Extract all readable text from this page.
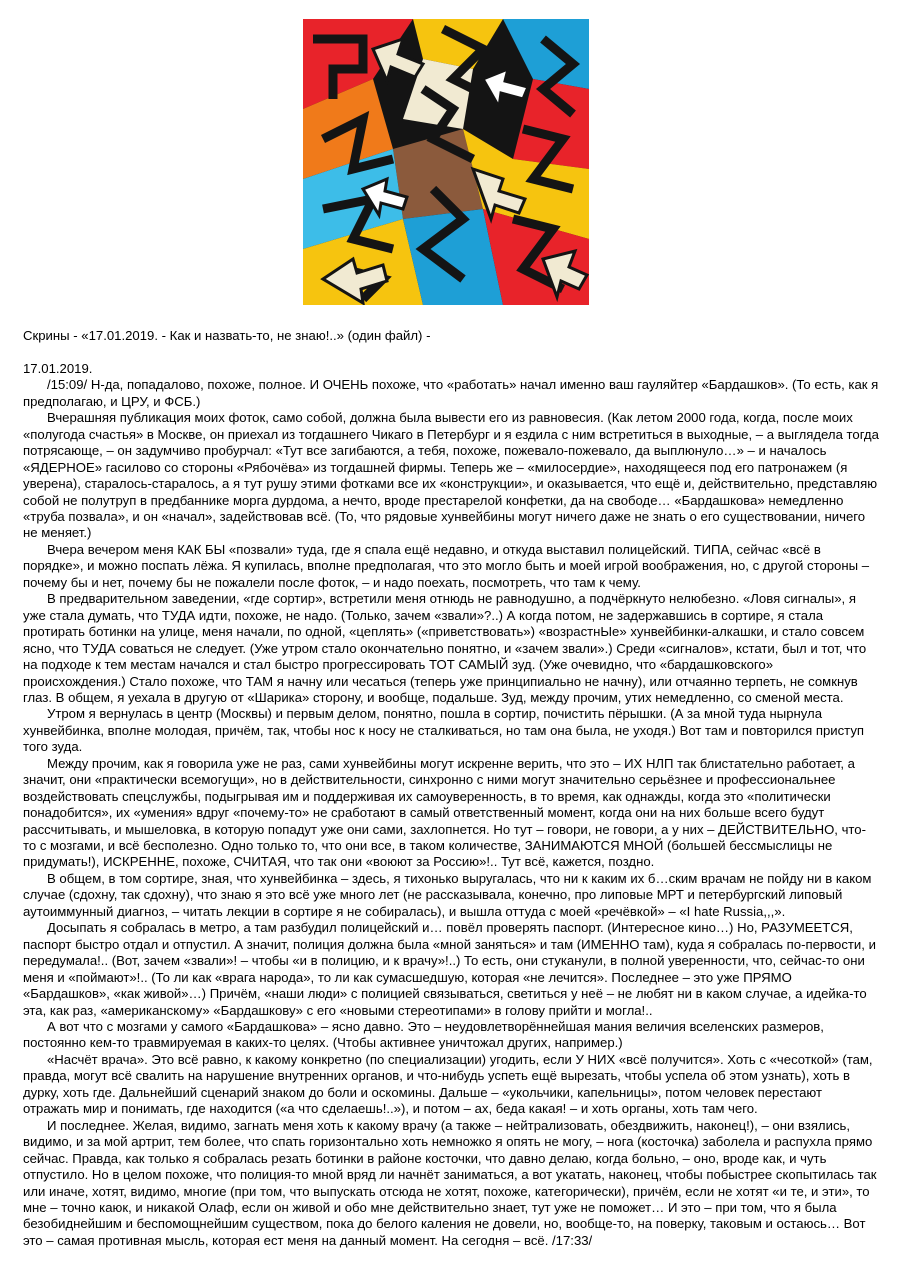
Скрины - «17.01.2019. - Как и назвать-то, не знаю!..» (один файл) -

17.01.2019.

/15:09/ Н-да, попадалово, похоже, полное. И ОЧЕНЬ похоже, что «работать» начал именно ваш гауляйтер «Бардашков». (То есть, как я предполагаю, и ЦРУ, и ФСБ.)

Вчерашняя публикация моих фоток, само собой, должна была вывести его из равновесия. (Как летом 2000 года, когда, после моих «полугода счастья» в Москве, он приехал из тогдашнего Чикаго в Петербург и я ездила с ним встретиться в выходные, – а выглядела тогда потрясающе, – он задумчиво пробурчал: «Тут все загибаются, а тебя, похоже, пожевало-пожевало, да выплюнуло…» – и началось «ЯДЕРНОЕ» гасилово со стороны «Рябочёва» из тогдашней фирмы. Теперь же – «милосердие», находящееся под его патронажем (я уверена), старалось-старалось, а я тут рушу этими фотками все их «конструкции», и оказывается, что ещё и, действительно, представляю собой не полутруп в предбаннике морга дурдома, а нечто, вроде престарелой конфетки, да на свободе… «Бардашкова» немедленно «труба позвала», и он «начал», задействовав всё. (То, что рядовые хунвейбины могут ничего даже не знать о его существовании, ничего не меняет.)

Вчера вечером меня КАК БЫ «позвали» туда, где я спала ещё недавно, и откуда выставил полицейский. ТИПА, сейчас «всё в порядке», и можно поспать лёжа. Я купилась, вполне предполагая, что это могло быть и моей игрой воображения, но, с другой стороны – почему бы и нет, почему бы не пожалели после фоток, – и надо поехать, посмотреть, что там к чему.

В предварительном заведении, «где сортир», встретили меня отнюдь не равнодушно, а подчёркнуто нелюбезно. «Ловя сигналы», я уже стала думать, что ТУДА идти, похоже, не надо. (Только, зачем «звали»?..) А когда потом, не задержавшись в сортире, я стала протирать ботинки на улице, меня начали, по одной, «цеплять» («приветствовать») «возрастнЫе» хунвейбинки-алкашки, и стало совсем ясно, что ТУДА соваться не следует. (Уже утром стало окончательно понятно, и «зачем звали».) Среди «сигналов», кстати, был и тот, что на подходе к тем местам начался и стал быстро прогрессировать ТОТ САМЫЙ зуд. (Уже очевидно, что «бардашковского» происхождения.) Стало похоже, что ТАМ я начну или чесаться (теперь уже принципиально не начну), или отчаянно терпеть, не сомкнув глаз. В общем, я уехала в другую от «Шарика» сторону, и вообще, подальше. Зуд, между прочим, утих немедленно, со сменой места.

Утром я вернулась в центр (Москвы) и первым делом, понятно, пошла в сортир, почистить пёрышки. (А за мной туда нырнула хунвейбинка, вполне молодая, причём, так, чтобы нос к носу не сталкиваться, но там она была, не уходя.) Вот там и повторился приступ того зуда.

Между прочим, как я говорила уже не раз, сами хунвейбины могут искренне верить, что это – ИХ НЛП так блистательно работает, а значит, они «практически всемогущи», но в действительности, синхронно с ними могут значительно серьёзнее и профессиональнее воздействовать спецслужбы, подыгрывая им и поддерживая их самоуверенность, в то время, как однажды, когда это «политически понадобится», их «умения» вдруг «почему-то» не сработают в самый ответственный момент, когда они на них больше всего будут рассчитывать, и мышеловка, в которую попадут уже они сами, захлопнется. Но тут – говори, не говори, а у них – ДЕЙСТВИТЕЛЬНО, что-то с мозгами, и всё бесполезно. Одно только то, что они все, в таком количестве, ЗАНИМАЮТСЯ МНОЙ (большей бессмыслицы не придумать!), ИСКРЕННЕ, похоже, СЧИТАЯ, что так они «воюют за Россию»!.. Тут всё, кажется, поздно.

В общем, в том сортире, зная, что хунвейбинка – здесь, я тихонько выругалась, что ни к каким их б…ским врачам не пойду ни в каком случае (сдохну, так сдохну), что знаю я это всё уже много лет (не рассказывала, конечно, про липовые МРТ и петербургский липовый аутоиммунный диагноз, – читать лекции в сортире я не собиралась), и вышла оттуда с моей «речёвкой» – «I hate Russia,,,».

Досыпать я собралась в метро, а там разбудил полицейский и… повёл проверять паспорт. (Интересное кино…) Но, РАЗУМЕЕТСЯ, паспорт быстро отдал и отпустил. А значит, полиция должна была «мной заняться» и там (ИМЕННО там), куда я собралась по-первости, и передумала!.. (Вот, зачем «звали»! – чтобы «и в полицию, и к врачу»!..) То есть, они стуканули, в полной уверенности, что, сейчас-то они меня и «поймают»!.. (То ли как «врага народа», то ли как сумасшедшую, которая «не лечится». Последнее – это уже ПРЯМО «Бардашков», «как живой»…) Причём, «наши люди» с полицией связываться, светиться у неё – не любят ни в каком случае, а идейка-то эта, как раз, «американскому» «Бардашкову» с его «новыми стереотипами» в голову прийти и могла!..

А вот что с мозгами у самого «Бардашкова» – ясно давно. Это – неудовлетворённейшая мания величия вселенских размеров, постоянно кем-то травмируемая в каких-то целях. (Чтобы активнее уничтожал других, например.)

«Насчёт врача». Это всё равно, к какому конкретно (по специализации) угодить, если У НИХ «всё получится». Хоть с «чесоткой» (там, правда, могут всё свалить на нарушение внутренних органов, и что-нибудь успеть ещё вырезать, чтобы успела об этом узнать), хоть в дурку, хоть где. Дальнейший сценарий знаком до боли и оскомины. Дальше – «укольчики, капельницы», потом человек перестают отражать мир и понимать, где находится («а что сделаешь!..»), и потом – ах, беда какая! – и хоть органы, хоть там чего.

И последнее. Желая, видимо, загнать меня хоть к какому врачу (а также – нейтрализовать, обездвижить, наконец!), – они взялись, видимо, и за мой артрит, тем более, что спать горизонтально хоть немножко я опять не могу, – нога (косточка) заболела и распухла прямо сейчас. Правда, как только я собралась резать ботинки в районе косточки, что давно делаю, когда больно, – оно, вроде как, и чуть отпустило. Но в целом похоже, что полиция-то мной вряд ли начнёт заниматься, а вот укатать, наконец, чтобы побыстрее скопытилась так или иначе, хотят, видимо, многие (при том, что выпускать отсюда не хотят, похоже, категорически), причём, если не хотят «и те, и эти», то мне – точно каюк, и никакой Олаф, если он живой и обо мне действительно знает, тут уже не поможет… И это – при том, что я была безобиднейшим и беспомощнейшим существом, пока до белого каления не довели, но, вообще-то, на поверку, таковым и остаюсь… Вот это – самая противная мысль, которая ест меня на данный момент. На сегодня – всё. /17:33/
